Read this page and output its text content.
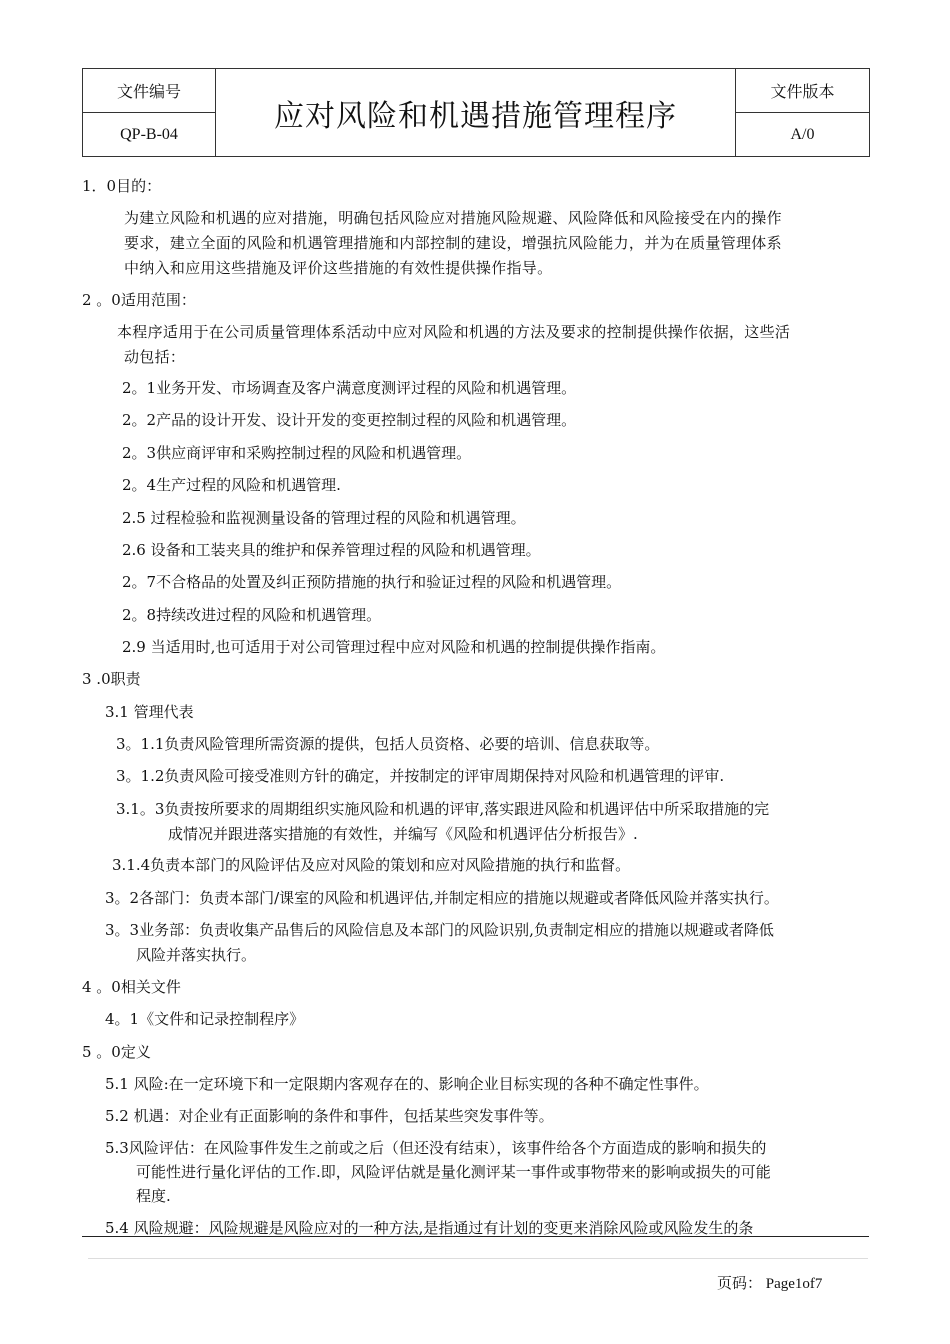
文件编号	应对风险和机遇措施管理程序	文件版本
QP-B-04		A/0
1．0目的：
为建立风险和机遇的应对措施，明确包括风险应对措施风险规避、风险降低和风险接受在内的操作
要求，建立全面的风险和机遇管理措施和内部控制的建设，增强抗风险能力，并为在质量管理体系
中纳入和应用这些措施及评价这些措施的有效性提供操作指导。
2 。0适用范围：
本程序适用于在公司质量管理体系活动中应对风险和机遇的方法及要求的控制提供操作依据，这些活
动包括：
2。1业务开发、市场调查及客户满意度测评过程的风险和机遇管理。
2。2产品的设计开发、设计开发的变更控制过程的风险和机遇管理。
2。3供应商评审和采购控制过程的风险和机遇管理。
2。4生产过程的风险和机遇管理.
2.5 过程检验和监视测量设备的管理过程的风险和机遇管理。
2.6 设备和工装夹具的维护和保养管理过程的风险和机遇管理。
2。7不合格品的处置及纠正预防措施的执行和验证过程的风险和机遇管理。
2。8持续改进过程的风险和机遇管理。
2.9 当适用时,也可适用于对公司管理过程中应对风险和机遇的控制提供操作指南。
3 .0职责
3.1 管理代表
3。1.1负责风险管理所需资源的提供，包括人员资格、必要的培训、信息获取等。
3。1.2负责风险可接受准则方针的确定，并按制定的评审周期保持对风险和机遇管理的评审.
3.1。3负责按所要求的周期组织实施风险和机遇的评审,落实跟进风险和机遇评估中所采取措施的完
成情况并跟进落实措施的有效性，并编写《风险和机遇评估分析报告》.
3.1.4负责本部门的风险评估及应对风险的策划和应对风险措施的执行和监督。
3。2各部门：负责本部门/课室的风险和机遇评估,并制定相应的措施以规避或者降低风险并落实执行。
3。3业务部：负责收集产品售后的风险信息及本部门的风险识别,负责制定相应的措施以规避或者降低
风险并落实执行。
4 。0相关文件
4。1《文件和记录控制程序》
5 。0定义
5.1 风险:在一定环境下和一定限期内客观存在的、影响企业目标实现的各种不确定性事件。
5.2 机遇：对企业有正面影响的条件和事件，包括某些突发事件等。
5.3风险评估：在风险事件发生之前或之后（但还没有结束），该事件给各个方面造成的影响和损失的
可能性进行量化评估的工作.即，风险评估就是量化测评某一事件或事物带来的影响或损失的可能
程度.
5.4 风险规避：风险规避是风险应对的一种方法,是指通过有计划的变更来消除风险或风险发生的条
页码： Page1of7
